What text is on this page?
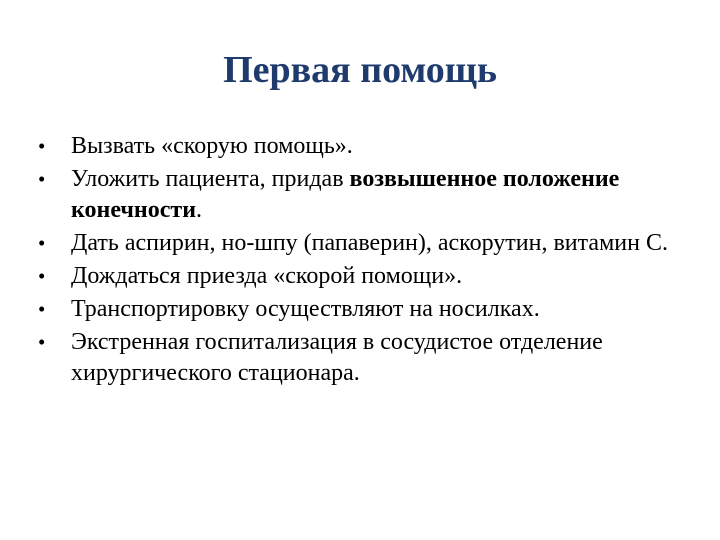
Первая помощь
• Вызвать «скорую помощь».
• Уложить пациента, придав возвышенное положение конечности.
• Дать аспирин, но-шпу (папаверин), аскорутин, витамин С.
• Дождаться приезда «скорой помощи».
• Транспортировку осуществляют на носилках.
• Экстренная госпитализация в сосудистое отделение хирургического стационара.
